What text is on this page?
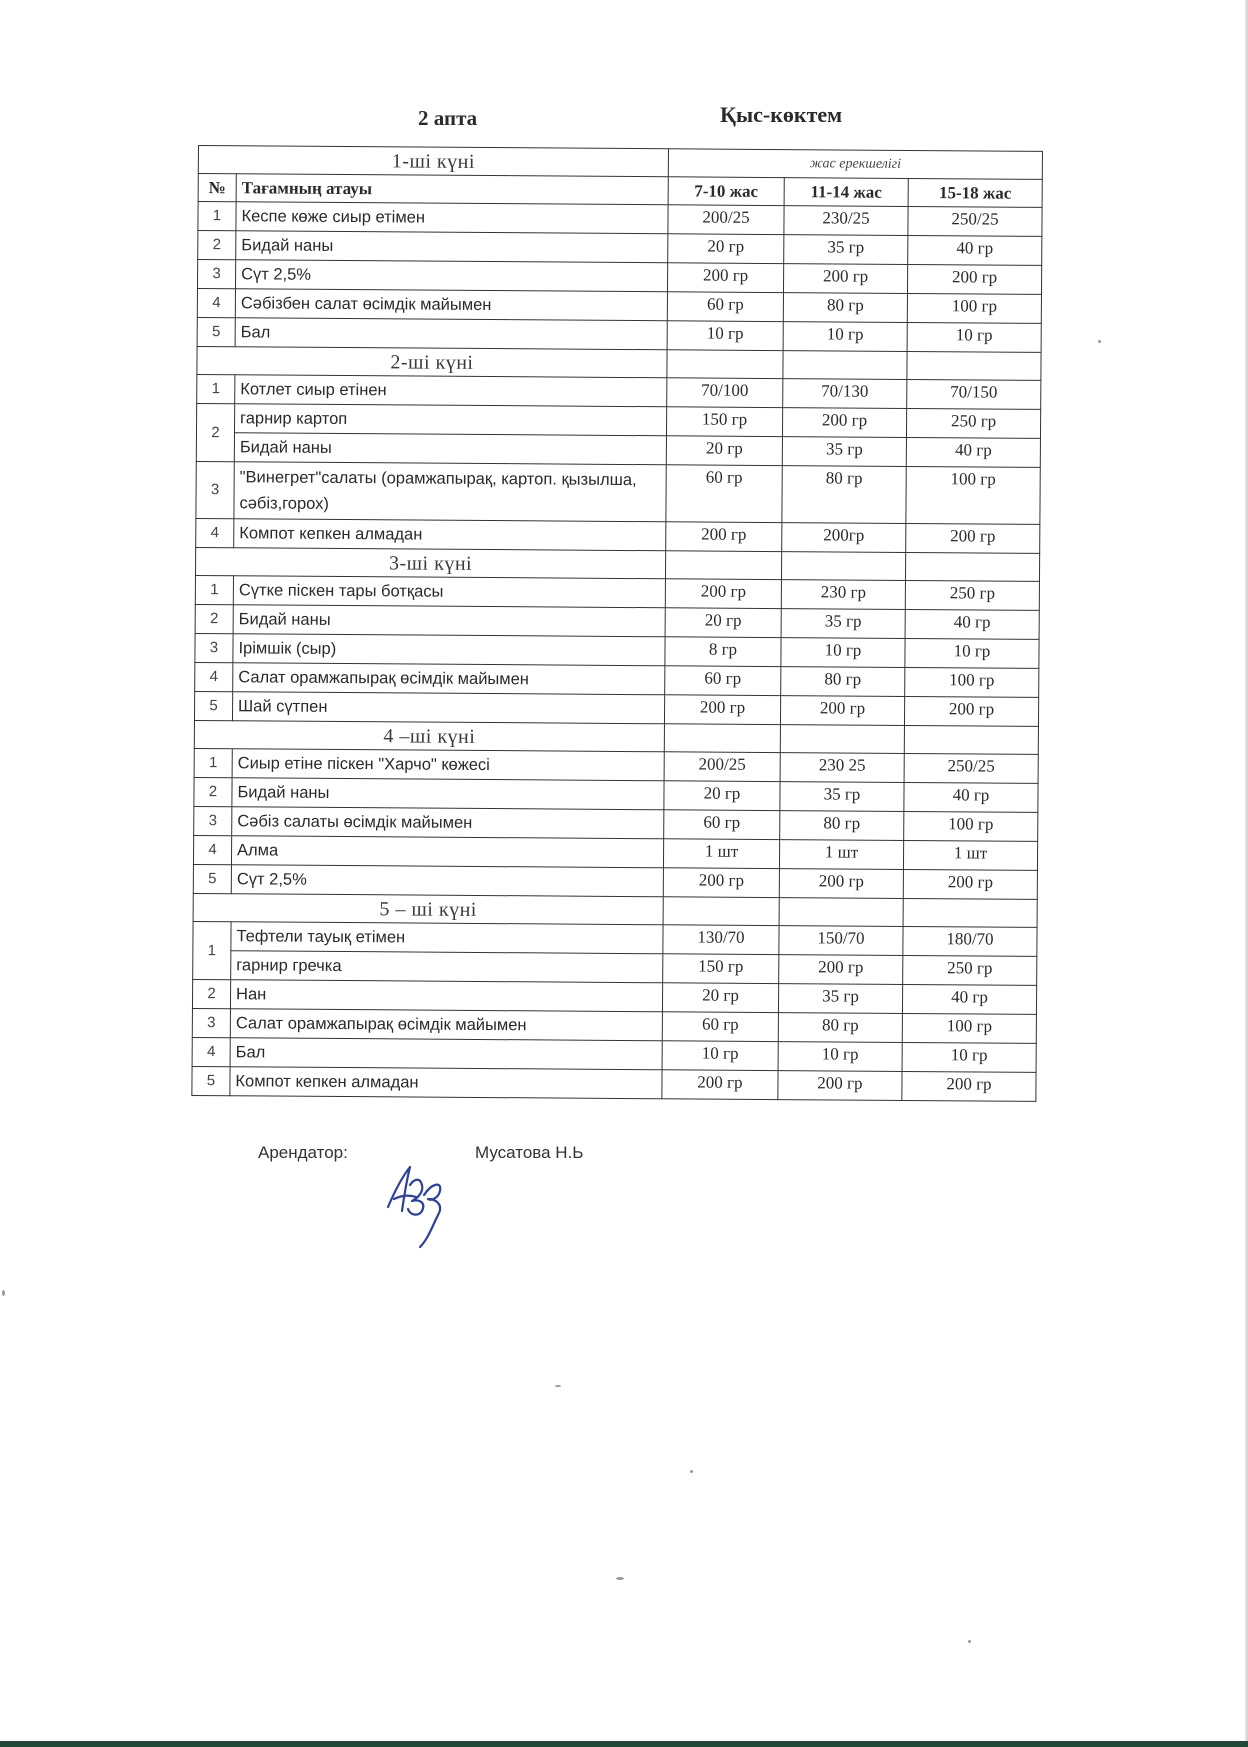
2 апта	Қыс-көктем
1-ші күні		жас ерекшелігі		
№	Тағамның атауы	7-10 жас	11-14 жас	15-18 жас
1	Кеспе көже сиыр етімен	200/25	230/25	250/25
2	Бидай наны	20 гр	35 гр	40 гр
3	Сүт 2,5%	200 гр	200 гр	200 гр
4	Сәбізбен салат өсімдік майымен	60 гр	80 гр	100 гр
5	Бал	10 гр	10 гр	10 гр
2-ші күні				
1	Котлет сиыр етінен	70/100	70/130	70/150
2	гарнир картоп	150 гр	200 гр	250 гр
	Бидай наны	20 гр	35 гр	40 гр
3	"Винегрет"салаты (орамжапырақ, картоп. қызылша, сәбіз,горох)	60 гр	80 гр	100 гр
4	Компот кепкен алмадан	200 гр	200гр	200 гр
3-ші күні				
1	Сүтке піскен тары ботқасы	200 гр	230 гр	250 гр
2	Бидай наны	20 гр	35 гр	40 гр
3	Ірімшік (сыр)	8 гр	10 гр	10 гр
4	Салат орамжапырақ өсімдік майымен	60 гр	80 гр	100 гр
5	Шай сүтпен	200 гр	200 гр	200 гр
4 –ші күні				
1	Сиыр етіне піскен "Харчо" көжесі	200/25	230 25	250/25
2	Бидай наны	20 гр	35 гр	40 гр
3	Сәбіз салаты өсімдік майымен	60 гр	80 гр	100 гр
4	Алма	1 шт	1 шт	1 шт
5	Сүт 2,5%	200 гр	200 гр	200 гр
5 – ші күні				
1	Тефтели тауық етімен	130/70	150/70	180/70
	гарнир гречка	150 гр	200 гр	250 гр
2	Нан	20 гр	35 гр	40 гр
3	Салат орамжапырақ өсімдік майымен	60 гр	80 гр	100 гр
4	Бал	10 гр	10 гр	10 гр
5	Компот кепкен алмадан	200 гр	200 гр	200 гр
Арендатор:	Мусатова Н.Ь
